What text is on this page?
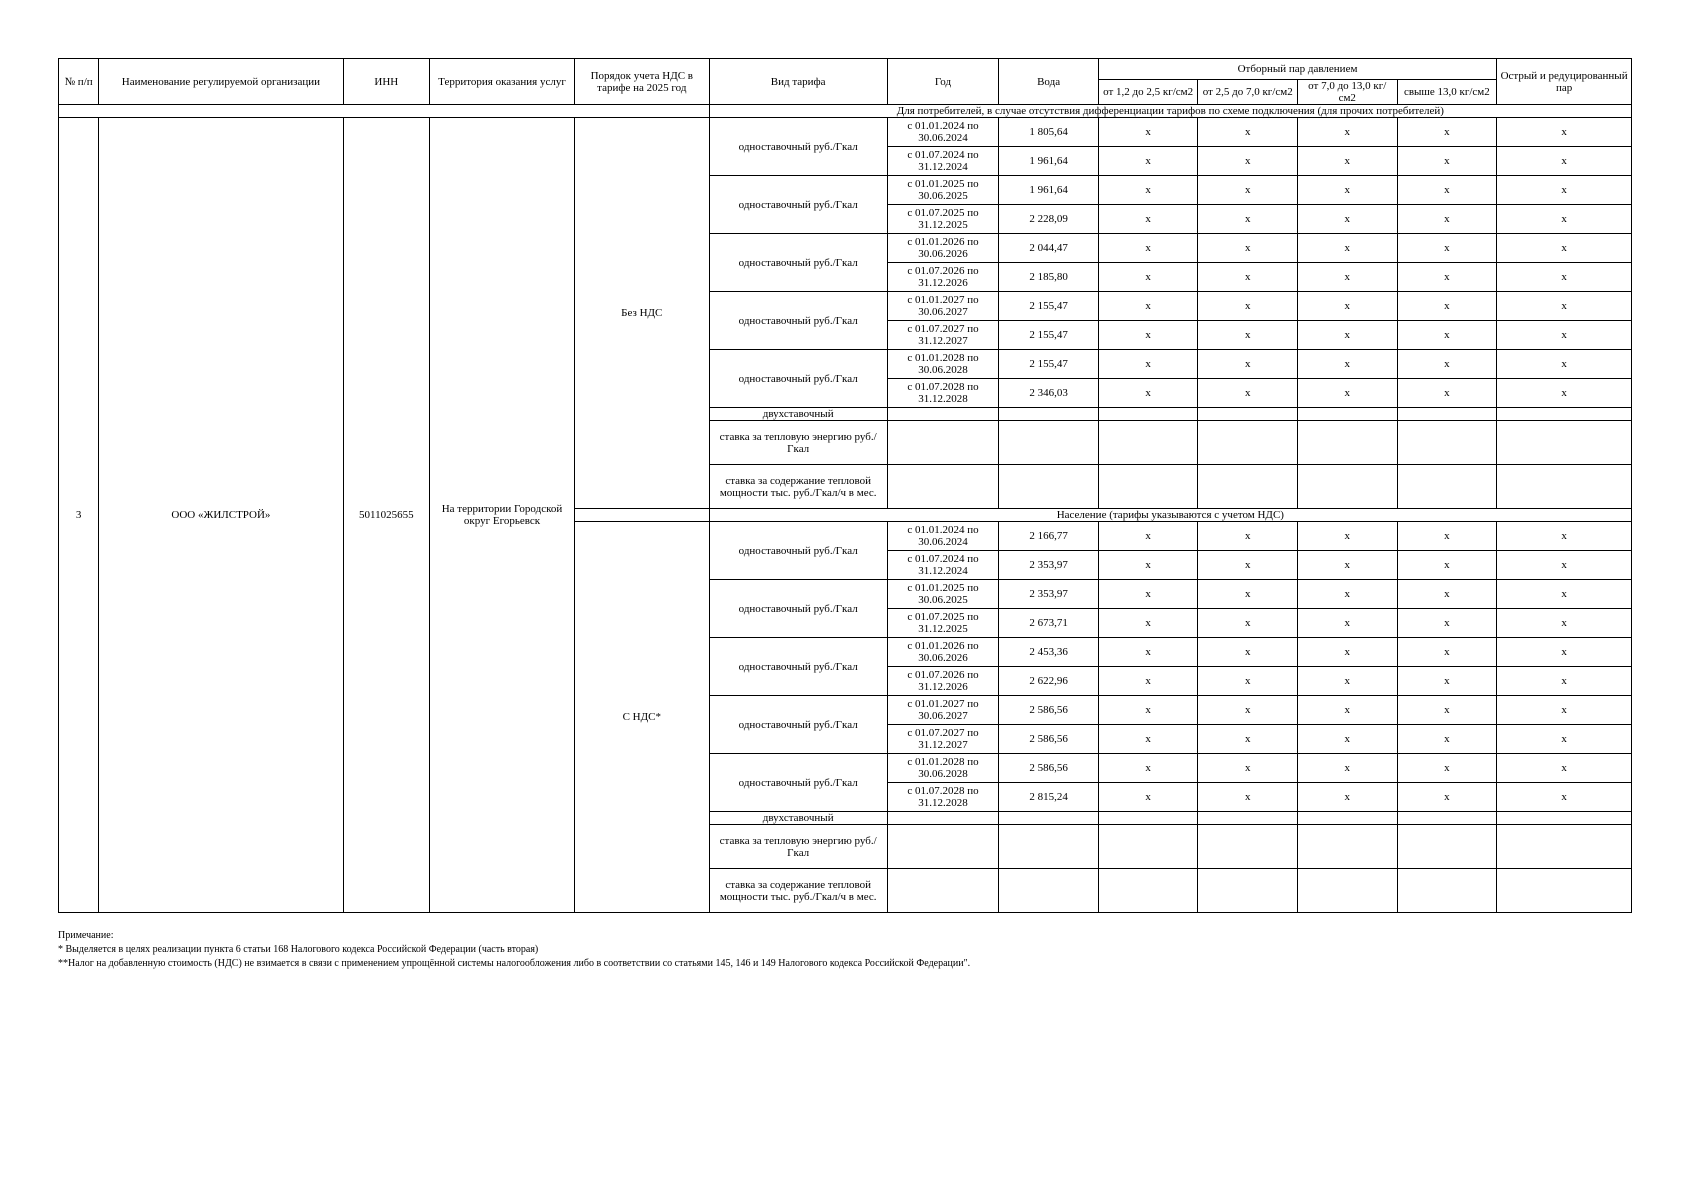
№ п/п	Наименование регулируемой организации	ИНН	Территория оказания услуг	Порядок учета НДС в тарифе на 2025 год	Вид тарифа	Год	Вода	Отборный пар давлением				Острый и редуцированный пар
								от 1,2 до 2,5 кг/см2	от 2,5 до 7,0 кг/см2	от 7,0 до 13,0 кг/см2	свыше 13,0 кг/см2	
					Для потребителей, в случае отсутствия дифференциации тарифов по схеме подключения (для прочих потребителей)							
3	ООО «ЖИЛСТРОЙ»	5011025655	На территории Городской округ Егорьевск	Без НДС	одноставочный руб./Гкал	с 01.01.2024 по 30.06.2024	1 805,64	x	x	x	x	x
						с 01.07.2024 по 31.12.2024	1 961,64	x	x	x	x	x
					одноставочный руб./Гкал	с 01.01.2025 по 30.06.2025	1 961,64	x	x	x	x	x
						с 01.07.2025 по 31.12.2025	2 228,09	x	x	x	x	x
					одноставочный руб./Гкал	с 01.01.2026 по 30.06.2026	2 044,47	x	x	x	x	x
						с 01.07.2026 по 31.12.2026	2 185,80	x	x	x	x	x
					одноставочный руб./Гкал	с 01.01.2027 по 30.06.2027	2 155,47	x	x	x	x	x
						с 01.07.2027 по 31.12.2027	2 155,47	x	x	x	x	x
					одноставочный руб./Гкал	с 01.01.2028 по 30.06.2028	2 155,47	x	x	x	x	x
						с 01.07.2028 по 31.12.2028	2 346,03	x	x	x	x	x
					двухставочный							
					ставка за тепловую энергию руб./Гкал							
					ставка за содержание тепловой мощности тыс. руб./Гкал/ч в мес.							
					Население (тарифы указываются с учетом НДС)							
				С НДС*	одноставочный руб./Гкал	с 01.01.2024 по 30.06.2024	2 166,77	x	x	x	x	x
						с 01.07.2024 по 31.12.2024	2 353,97	x	x	x	x	x
					одноставочный руб./Гкал	с 01.01.2025 по 30.06.2025	2 353,97	x	x	x	x	x
						с 01.07.2025 по 31.12.2025	2 673,71	x	x	x	x	x
					одноставочный руб./Гкал	с 01.01.2026 по 30.06.2026	2 453,36	x	x	x	x	x
						с 01.07.2026 по 31.12.2026	2 622,96	x	x	x	x	x
					одноставочный руб./Гкал	с 01.01.2027 по 30.06.2027	2 586,56	x	x	x	x	x
						с 01.07.2027 по 31.12.2027	2 586,56	x	x	x	x	x
					одноставочный руб./Гкал	с 01.01.2028 по 30.06.2028	2 586,56	x	x	x	x	x
						с 01.07.2028 по 31.12.2028	2 815,24	x	x	x	x	x
					двухставочный							
					ставка за тепловую энергию руб./Гкал							
					ставка за содержание тепловой мощности тыс. руб./Гкал/ч в мес.							
Примечание:
* Выделяется в целях реализации пункта 6 статьи 168 Налогового кодекса Российской Федерации (часть вторая)
**Налог на добавленную стоимость (НДС) не взимается в связи с применением упрощённой системы налогообложения либо в соответствии со статьями 145, 146 и 149 Налогового кодекса Российской Федерации".
